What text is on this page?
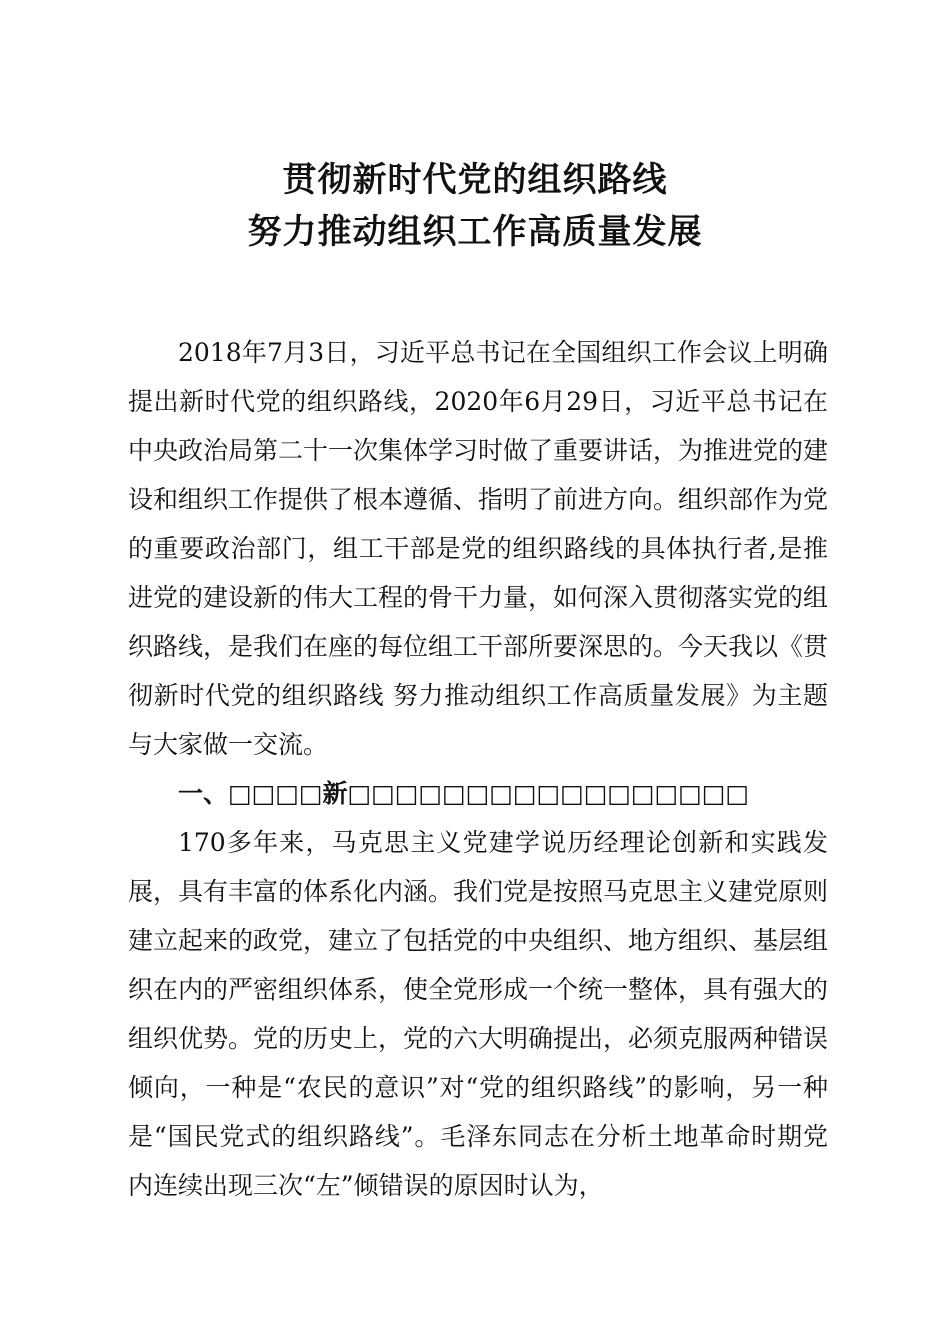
贯彻新时代党的组织路线
努力推动组织工作高质量发展

2018年7月3日，习近平总书记在全国组织工作会议上明确提出新时代党的组织路线，2020年6月29日，习近平总书记在中央政治局第二十一次集体学习时做了重要讲话，为推进党的建设和组织工作提供了根本遵循、指明了前进方向。组织部作为党的重要政治部门，组工干部是党的组织路线的具体执行者,是推进党的建设新的伟大工程的骨干力量，如何深入贯彻落实党的组织路线，是我们在座的每位组工干部所要深思的。今天我以《贯彻新时代党的组织路线 努力推动组织工作高质量发展》为主题与大家做一交流。

一、□□□□新□□□□□□□□□□□□□□□□□

170多年来，马克思主义党建学说历经理论创新和实践发展，具有丰富的体系化内涵。我们党是按照马克思主义建党原则建立起来的政党，建立了包括党的中央组织、地方组织、基层组织在内的严密组织体系，使全党形成一个统一整体，具有强大的组织优势。党的历史上，党的六大明确提出，必须克服两种错误倾向，一种是“农民的意识”对“党的组织路线”的影响，另一种是“国民党式的组织路线”。毛泽东同志在分析土地革命时期党内连续出现三次“左”倾错误的原因时认为，
